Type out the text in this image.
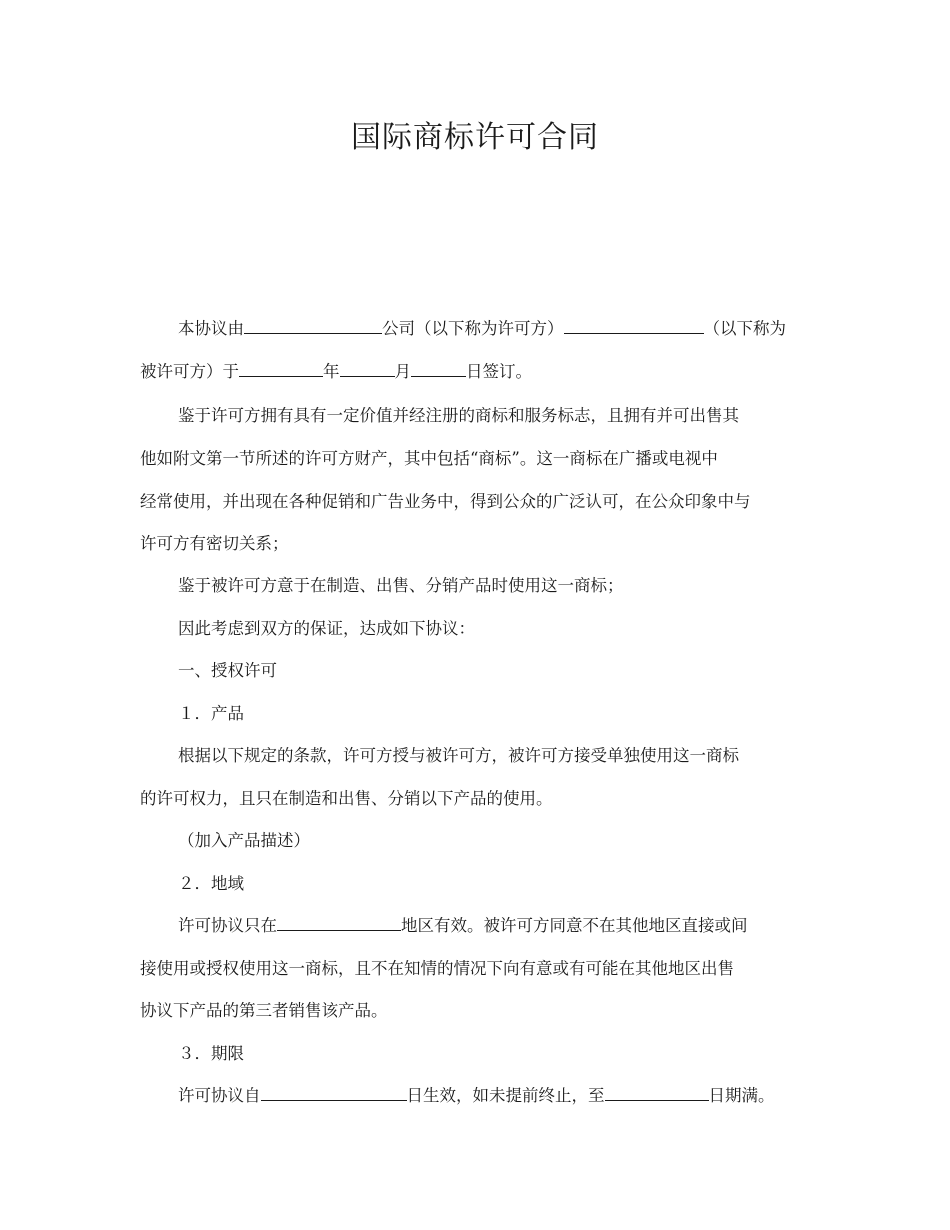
国际商标许可合同
本协议由	公司（以下称为许可方）	（以下称为
被许可方）于	年	月	日签订。
鉴于许可方拥有具有一定价值并经注册的商标和服务标志，且拥有并可出售其
他如附文第一节所述的许可方财产，其中包括“商标”。这一商标在广播或电视中
经常使用，并出现在各种促销和广告业务中，得到公众的广泛认可，在公众印象中与
许可方有密切关系；
鉴于被许可方意于在制造、出售、分销产品时使用这一商标；
因此考虑到双方的保证，达成如下协议：
一、授权许可
１．产品
根据以下规定的条款，许可方授与被许可方，被许可方接受单独使用这一商标
的许可权力，且只在制造和出售、分销以下产品的使用。
（加入产品描述）
２．地域
许可协议只在	地区有效。被许可方同意不在其他地区直接或间
接使用或授权使用这一商标，且不在知情的情况下向有意或有可能在其他地区出售
协议下产品的第三者销售该产品。
３．期限
许可协议自	日生效，如未提前终止，至	日期满。
